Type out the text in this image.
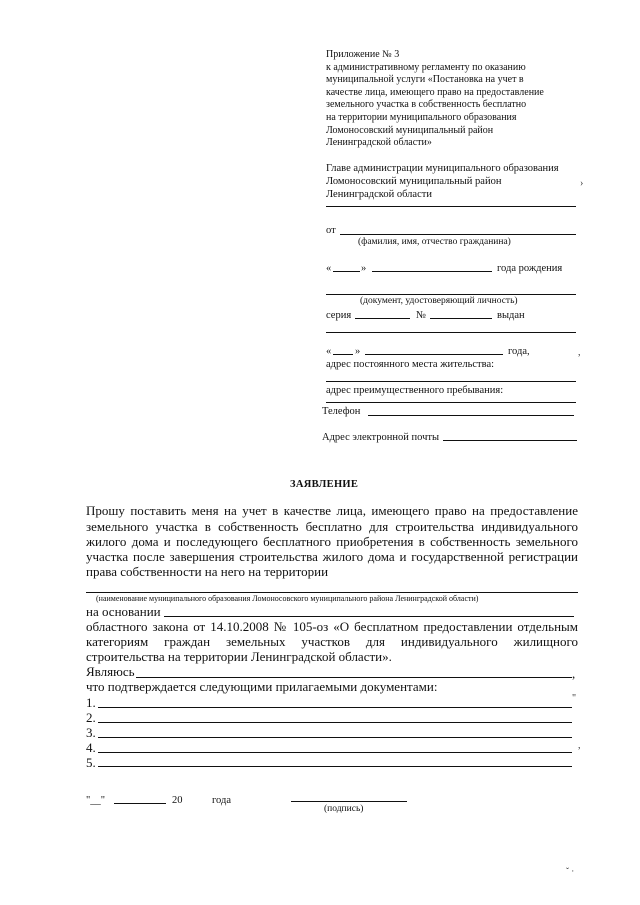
Приложение № 3
к административному регламенту по оказанию
муниципальной услуги «Постановка на учет в
качестве лица, имеющего право на предоставление
земельного участка в собственность бесплатно
на территории муниципального образования
Ломоносовский муниципальный район
Ленинградской области»
Главе администрации муниципального образования
Ломоносовский муниципальный район
Ленинградской области
›
от
(фамилия, имя, отчество гражданина)
«	»	года рождения
(документ, удостоверяющий личность)
серия	№	выдан
« »	года,	,
адрес постоянного места жительства:
адрес преимущественного пребывания:
Телефон
Адрес электронной почты
ЗАЯВЛЕНИЕ
Прошу поставить меня на учет в качестве лица, имеющего право на предоставление
земельного участка в собственность бесплатно для строительства индивидуального
жилого дома и последующего бесплатного приобретения в собственность земельного
участка после завершения строительства жилого дома и государственной регистрации
права собственности на него на территории
(наименование муниципального образования Ломоносовского муниципального района Ленинградской области)
на основании
областного закона от 14.10.2008 № 105-оз «О бесплатном предоставлении отдельным
категориям граждан земельных участков для индивидуального жилищного
строительства на территории Ленинградской области».
Являюсь	,
что подтверждается следующими прилагаемыми документами:
1.	"
2.
3.
4.	,
5.
"__"	20	года
(подпись)
ˇ ·
